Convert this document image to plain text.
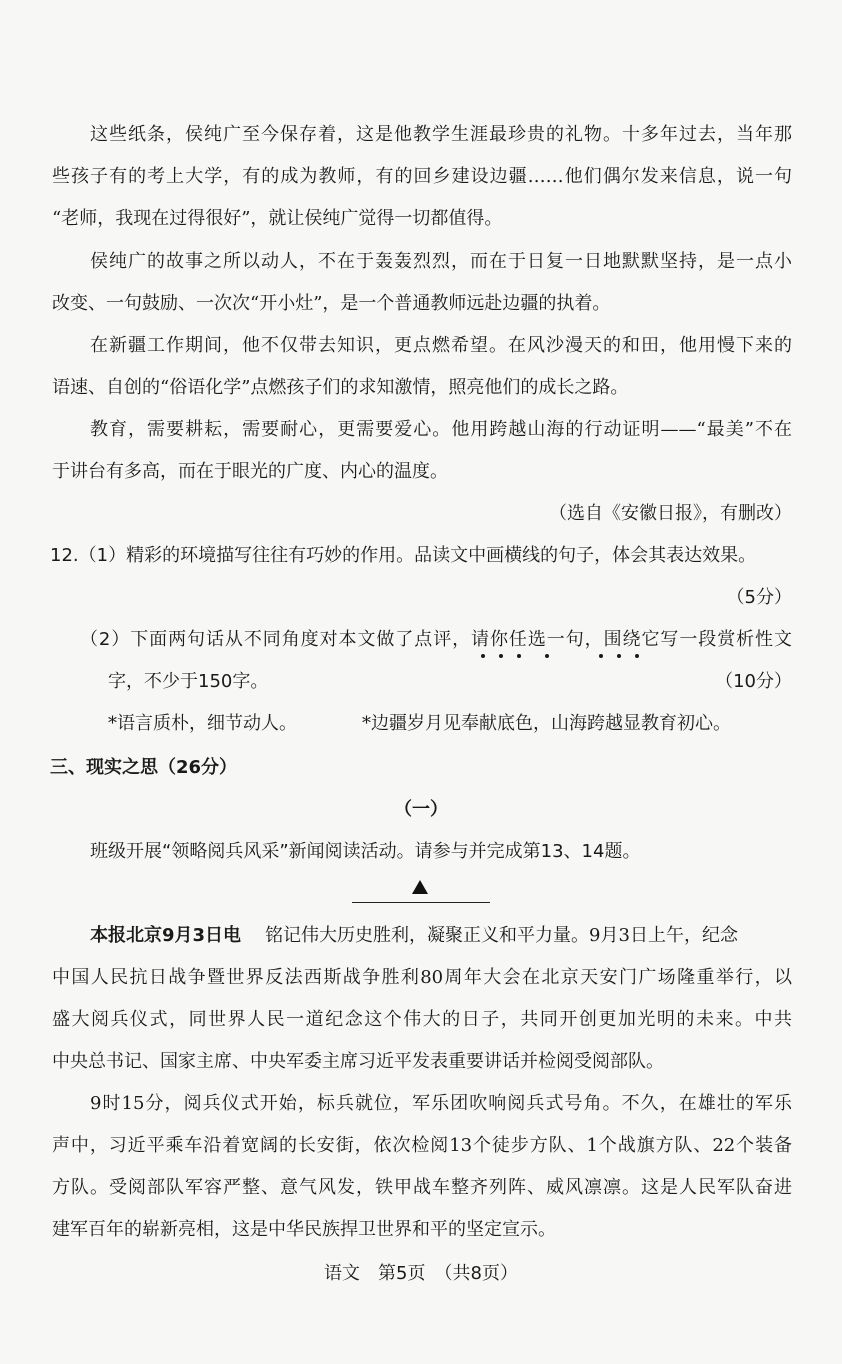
这些纸条，侯纯广至今保存着，这是他教学生涯最珍贵的礼物。十多年过去，当年那
些孩子有的考上大学，有的成为教师，有的回乡建设边疆……他们偶尔发来信息，说一句
“老师，我现在过得很好”，就让侯纯广觉得一切都值得。
侯纯广的故事之所以动人，不在于轰轰烈烈，而在于日复一日地默默坚持，是一点小
改变、一句鼓励、一次次“开小灶”，是一个普通教师远赴边疆的执着。
在新疆工作期间，他不仅带去知识，更点燃希望。在风沙漫天的和田，他用慢下来的
语速、自创的“俗语化学”点燃孩子们的求知激情，照亮他们的成长之路。
教育，需要耕耘，需要耐心，更需要爱心。他用跨越山海的行动证明——“最美”不在
于讲台有多高，而在于眼光的广度、内心的温度。
（选自《安徽日报》，有删改）
12.（1）精彩的环境描写往往有巧妙的作用。品读文中画横线的句子，体会其表达效果。
（5分）
（2）下面两句话从不同角度对本文做了点评，请你任选一句，围绕它写一段赏析性文
字，不少于150字。	（10分）
*语言质朴，细节动人。	*边疆岁月见奉献底色，山海跨越显教育初心。
三、现实之思（26分）
（一）
班级开展“领略阅兵风采”新闻阅读活动。请参与并完成第13、14题。
本报北京9月3日电 铭记伟大历史胜利，凝聚正义和平力量。9月3日上午，纪念
中国人民抗日战争暨世界反法西斯战争胜利80周年大会在北京天安门广场隆重举行，以
盛大阅兵仪式，同世界人民一道纪念这个伟大的日子，共同开创更加光明的未来。中共
中央总书记、国家主席、中央军委主席习近平发表重要讲话并检阅受阅部队。
9时15分，阅兵仪式开始，标兵就位，军乐团吹响阅兵式号角。不久，在雄壮的军乐
声中，习近平乘车沿着宽阔的长安街，依次检阅13个徒步方队、1个战旗方队、22个装备
方队。受阅部队军容严整、意气风发，铁甲战车整齐列阵、威风凛凛。这是人民军队奋进
建军百年的崭新亮相，这是中华民族捍卫世界和平的坚定宣示。
语文　第5页　（共8页）
